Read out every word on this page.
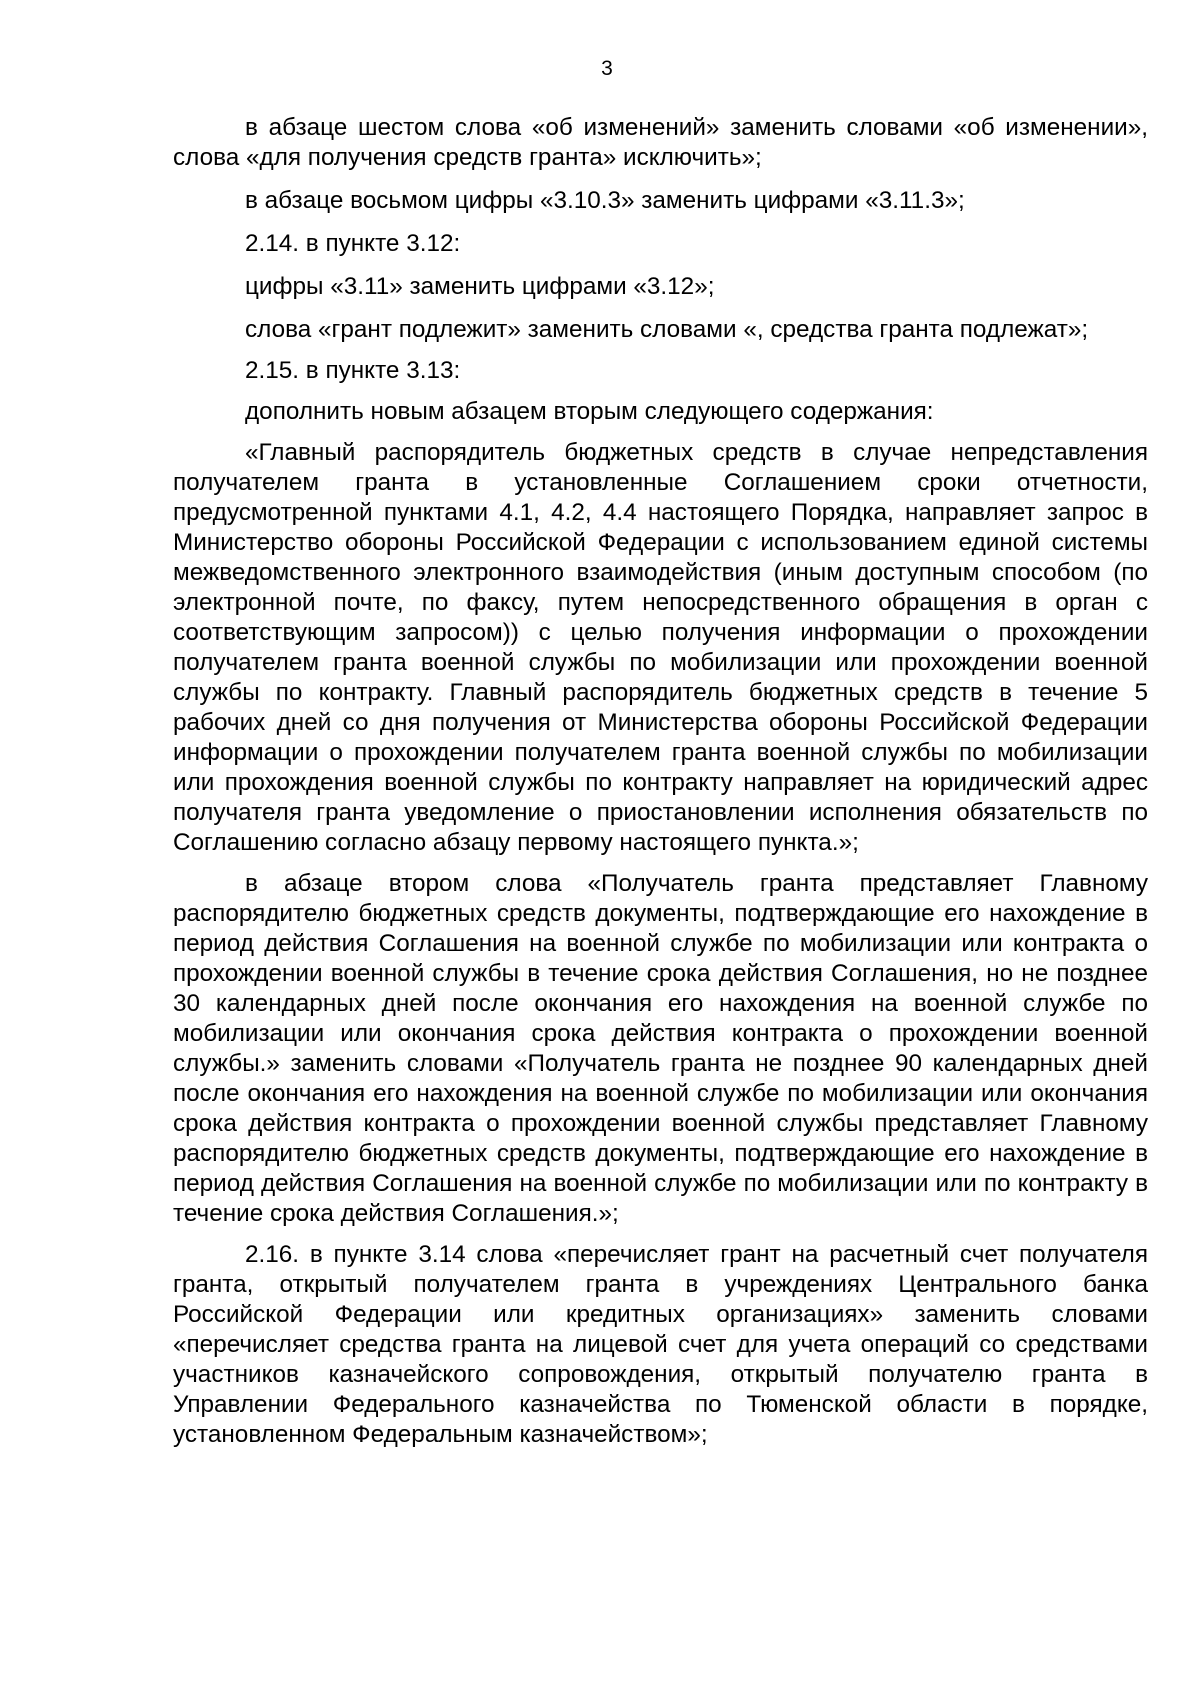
3

в абзаце шестом слова «об изменений» заменить словами «об изменении», слова «для получения средств гранта» исключить»;

в абзаце восьмом цифры «3.10.3» заменить цифрами «3.11.3»;

2.14. в пункте 3.12:

цифры «3.11» заменить цифрами «3.12»;

слова «грант подлежит» заменить словами «, средства гранта подлежат»;

2.15. в пункте 3.13:

дополнить новым абзацем вторым следующего содержания:

«Главный распорядитель бюджетных средств в случае непредставления получателем гранта в установленные Соглашением сроки отчетности, предусмотренной пунктами 4.1, 4.2, 4.4 настоящего Порядка, направляет запрос в Министерство обороны Российской Федерации с использованием единой системы межведомственного электронного взаимодействия (иным доступным способом (по электронной почте, по факсу, путем непосредственного обращения в орган с соответствующим запросом)) с целью получения информации о прохождении получателем гранта военной службы по мобилизации или прохождении военной службы по контракту. Главный распорядитель бюджетных средств в течение 5 рабочих дней со дня получения от Министерства обороны Российской Федерации информации о прохождении получателем гранта военной службы по мобилизации или прохождения военной службы по контракту направляет на юридический адрес получателя гранта уведомление о приостановлении исполнения обязательств по Соглашению согласно абзацу первому настоящего пункта.»;

в абзаце втором слова «Получатель гранта представляет Главному распорядителю бюджетных средств документы, подтверждающие его нахождение в период действия Соглашения на военной службе по мобилизации или контракта о прохождении военной службы в течение срока действия Соглашения, но не позднее 30 календарных дней после окончания его нахождения на военной службе по мобилизации или окончания срока действия контракта о прохождении военной службы.» заменить словами «Получатель гранта не позднее 90 календарных дней после окончания его нахождения на военной службе по мобилизации или окончания срока действия контракта о прохождении военной службы представляет Главному распорядителю бюджетных средств документы, подтверждающие его нахождение в период действия Соглашения на военной службе по мобилизации или по контракту в течение срока действия Соглашения.»;

2.16. в пункте 3.14 слова «перечисляет грант на расчетный счет получателя гранта, открытый получателем гранта в учреждениях Центрального банка Российской Федерации или кредитных организациях» заменить словами «перечисляет средства гранта на лицевой счет для учета операций со средствами участников казначейского сопровождения, открытый получателю гранта в Управлении Федерального казначейства по Тюменской области в порядке, установленном Федеральным казначейством»;
